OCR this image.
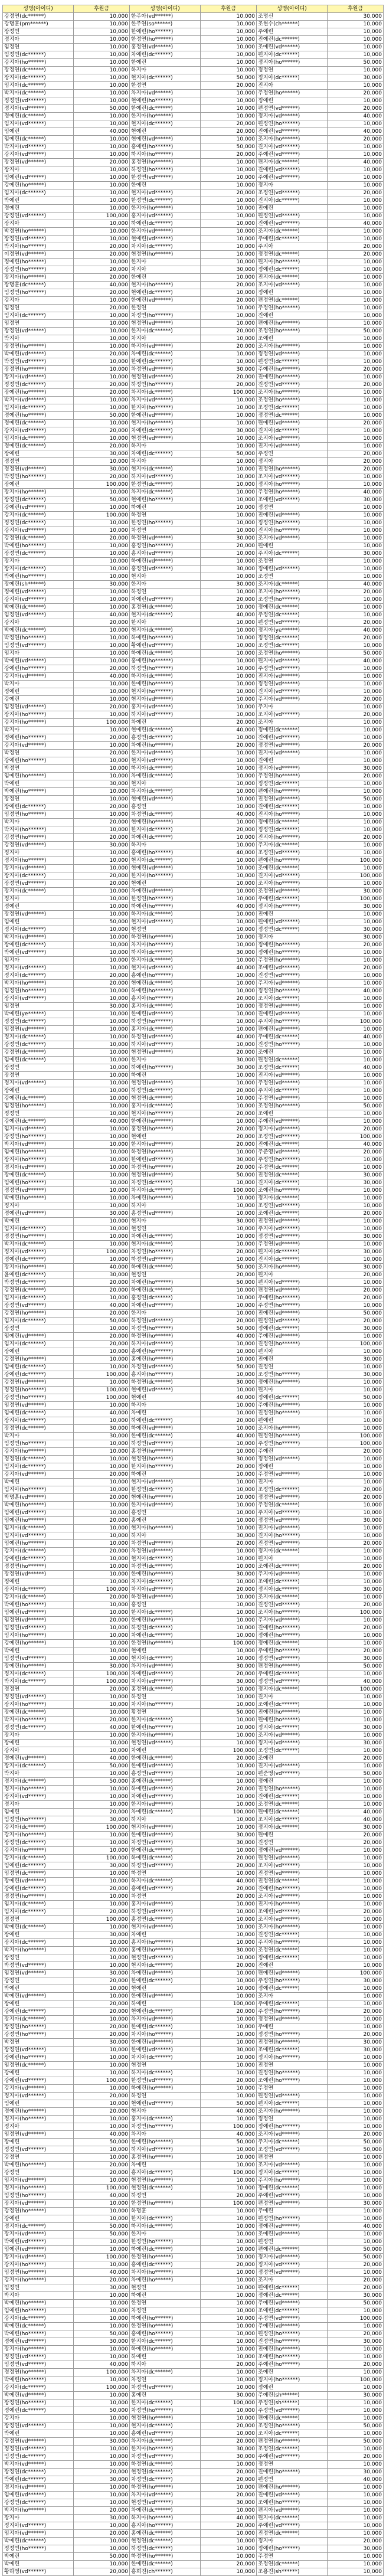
성명(아이디)	후원금	성명(아이디)	후원금	성명(아이디)	후원금
강정연(dc******)	10,000	한주아(vd******)	10,000	조명신	30,000
강명훈(pm******)	10,000	한주연(so******)	10,000	조현수(ch******)	10,000
장정연	10,000	한예린(ho******)	10,000	주예린	10,000
정지아	10,000	한정연(ho******)	10,000	진예린(dc******)	10,000
임정연	10,000	홍정연(vd******)	10,000	조예린(vd******)	10,000
임정연(dc******)	10,000	차예린(dc******)	10,000	편지아(dc******)	10,000
강지아(ho******)	10,000	한예린	10,000	정지아(ho******)	50,000
장정연(dc******)	10,000	하지아	10,000	정정연	10,000
장지아(dc******)	10,000	현지아(dc******)	50,000	정지아(dc******)	30,000
임지아(dc******)	10,000	한정연	20,000	진지아	10,000
박지아(dc******)	10,000	차지아(vd******)	10,000	주정연(ho******)	20,000
정정연(vd******)	10,000	현예린(ho******)	10,000	정예린	10,000
정지아(vd******)	50,000	한예린(dc******)	10,000	편정연(vd******)	20,000
정예린(dc******)	10,000	한지아(ho******)	10,000	정지아(vd******)	40,000
임지아(vd******)	10,000	현지아(dc******)	20,000	편정연(ho******)	10,000
임예린	40,000	현예린	20,000	진예린(vd******)	40,000
임예린(dc******)	10,000	현예린(vd******)	10,000	조지아(ho******)	20,000
박지아(vd******)	10,000	홍예린(ho******)	50,000	진지아(vd******)	10,000
강지아(vd******)	10,000	하지아(ho******)	20,000	주예린(vd******)	10,000
장정연(vd******)	20,000	홍정연(ho******)	10,000	편지아(dc******)	40,000
장지아	10,000	하정연(ho******)	10,000	진예린(vd******)	10,000
임예린(vd******)	10,000	한정연(vd******)	10,000	주예린(vd******)	10,000
강예린(ho******)	10,000	한예린	10,000	정지아	10,000
임지아(dc******)	10,000	현지아(vd******)	20,000	조정연(vd******)	20,000
박예린	10,000	한정연(dc******)	10,000	진지아(dc******)	10,000
정예린	10,000	한지아(ho******)	10,000	진예린	10,000
강정연(vd******)	100,000	홍지아(vd******)	10,000	편정연(vd******)	10,000
장지아	10,000	하예린(dc******)	10,000	진예린(vd******)	40,000
박정연(ho******)	10,000	한지아(vd******)	10,000	조지아(dc******)	10,000
장정연(vd******)	10,000	현예린(vd******)	10,000	주예린(dc******)	10,000
박지아(ho******)	20,000	차지아(dc******)	10,000	주지아	20,000
이정연(vd******)	20,000	현정연(ho******)	10,000	정정연(dc******)	20,000
정예린(ho******)	10,000	한지아	10,000	편지아(ho******)	10,000
장정연(ho******)	20,000	차지아	30,000	정예린(dc******)	10,000
장지아(ho******)	20,000	한예린	10,000	진지아(dc******)	10,000
장명훈(dc******)	40,000	현지아(ho******)	20,000	조지아(vd******)	10,000
임정연(ho******)	20,000	현예린(dc******)	10,000	정예린	10,000
강지아	10,000	한예린(vd******)	20,000	편정연(dc******)	10,000
임정연	20,000	한정연	10,000	주정연(ho******)	10,000
임지아(dc******)	10,000	차정연(ho******)	10,000	진예린	10,000
임정연	10,000	현정연(vd******)	10,000	편예린(ho******)	10,000
장정연(vd******)	10,000	한지아(dc******)	20,000	조정연(ho******)	50,000
박지아	10,000	차지아	10,000	조예린	10,000
장정연(ho******)	10,000	하지아(vd******)	20,000	조지아(ho******)	10,000
박예린(vd******)	20,000	차예린(dc******)	10,000	정정연(vd******)	10,000
박정연(vd******)	10,000	한예린(dc******)	10,000	편정연(dc******)	10,000
장정연(ho******)	10,000	차정연(vd******)	30,000	주예린(ho******)	20,000
장지아(vd******)	10,000	현정연(vd******)	20,000	진예린(ho******)	10,000
정정연(dc******)	20,000	하정연(ho******)	20,000	진정연(vd******)	20,000
장예린(ho******)	20,000	차지아(dc******)	100,000	조지아(ho******)	10,000
박지아(vd******)	10,000	차지아(vd******)	10,000	조정연(ho******)	10,000
임지아(dc******)	10,000	한지아(ho******)	10,000	조정연(dc******)	10,000
정예린(ho******)	50,000	한예린(vd******)	10,000	정정연(dc******)	10,000
정예린(dc******)	10,000	현지아(ho******)	10,000	편예린(vd******)	20,000
강지아(vd******)	20,000	차예린(dc******)	30,000	진지아(dc******)	10,000
임지아(dc******)	10,000	현정연(vd******)	10,000	조지아(vd******)	10,000
정예린(dc******)	20,000	하지아	10,000	진지아(vd******)	10,000
장예린	30,000	차예린(dc******)	50,000	주정연	20,000
정정연	10,000	차지아	10,000	정지아	20,000
정정연(vd******)	30,000	현지아(dc******)	10,000	진정연(ho******)	20,000
박정연(ho******)	20,000	하지아(vd******)	10,000	조지아(vd******)	10,000
장예린	100,000	한정연(dc******)	10,000	정지아(ho******)	10,000
장지아(ho******)	10,000	차지아(dc******)	10,000	주정연(ho******)	40,000
장정연(dc******)	50,000	현예린(ho******)	10,000	조예린(vd******)	30,000
강예린(vd******)	10,000	하예린	10,000	정정연	10,000
강지아(dc******)	100,000	하정연	10,000	진예린(vd******)	10,000
정정연(dc******)	10,000	한정연(ho******)	10,000	정정연(ho******)	10,000
강지아(vd******)	10,000	차정연	10,000	진지아(ho******)	10,000
강정연(dc******)	20,000	하정연(vd******)	30,000	조지아(vd******)	10,000
박예린(ho******)	10,000	홍정연(ho******)	20,000	편예린	10,000
장정연(dc******)	10,000	홍지아(vd******)	10,000	주지아(dc******)	30,000
장지아	10,000	하예린(vd******)	10,000	조정연	10,000
장지아(dc******)	10,000	홍정연(vd******)	30,000	정예린(vd******)	10,000
박예린(ho******)	10,000	현지아	10,000	조정연	10,000
장예린(sh******)	30,000	한지아	30,000	조지아(dc******)	40,000
정예린(vd******)	10,000	하정연	10,000	조지아(ho******)	20,000
강지아(vd******)	10,000	차예린(vd******)	20,000	조정연(ho******)	10,000
박예린(dc******)	10,000	홍정연(dc******)	10,000	정예린(dc******)	10,000
임정연(vd******)	40,000	현지아(dc******)	40,000	주정연(dc******)	10,000
강지아	20,000	한지아	10,000	편정연(vd******)	20,000
박예린(dc******)	10,000	현지아(dc******)	10,000	정지아(ye******)	40,000
박정연(ho******)	10,000	하예린(ho******)	10,000	정정연(dc******)	20,000
임정연(vd******)	10,000	황예린(vd******)	10,000	조정연(dc******)	10,000
임지아	10,000	하예린(dc******)	10,000	조정연(ho******)	50,000
박예린(vd******)	10,000	홍예린(ho******)	10,000	편지아(vd******)	40,000
강예린(ho******)	20,000	하정연(ho******)	10,000	주정연(vd******)	10,000
강지아(vd******)	40,000	하지아(dc******)	10,000	진지아(vd******)	10,000
박지아	10,000	한예린(ho******)	10,000	정정연(vd******)	10,000
정예린	10,000	현지아(ho******)	10,000	진지아(vd******)	10,000
강예린	10,000	현지아(vd******)	10,000	주지아(vd******)	20,000
임정연(vd******)	20,000	홍지아(vd******)	10,000	주지아	10,000
장지아(ho******)	10,000	하지아(vd******)	10,000	조지아(vd******)	20,000
강지아(ho******)	100,000	차예린	20,000	조지아	10,000
박지아	10,000	현예린(dc******)	40,000	정예린(dc******)	10,000
정예린(ho******)	20,000	홍정연(dc******)	10,000	진예린(vd******)	10,000
강지아(vd******)	10,000	차예린(ho******)	20,000	정정연(vd******)	20,000
박정연	20,000	한지아(vd******)	10,000	진지아(vd******)	10,000
강예린(ho******)	10,000	현지아(vd******)	10,000	진예린	10,000
박정연	10,000	하지아(dc******)	10,000	정지아(vd******)	30,000
임예린(ho******)	10,000	차예린(dc******)	10,000	주정연(ho******)	20,000
박예린	30,000	현지아	10,000	정정연(dc******)	10,000
박예린(ho******)	10,000	차지아(dc******)	10,000	편예린(ho******)	10,000
장정연	10,000	현예린(vd******)	10,000	진정연(vd******)	50,000
장예린(dc******)	20,000	홍정연	10,000	진예린(dc******)	10,000
임정연(ho******)	10,000	차정연(dc******)	40,000	진지아(ho******)	10,000
박지아	20,000	현예린(ho******)	10,000	정예린(dc******)	10,000
박지아(ho******)	10,000	한지아(dc******)	20,000	정정연(dc******)	10,000
김정연(ho******)	20,000	차예린(dc******)	10,000	진지아(ho******)	20,000
강정연(vd******)	30,000	하지아	10,000	주지아(dc******)	10,000
정지아	10,000	홍예린(ho******)	40,000	조정연(vd******)	10,000
정지아(ho******)	10,000	현지아(dc******)	10,000	편예린(ho******)	100,000
장지아(vd******)	10,000	현예린(vd******)	10,000	조예린(dc******)	10,000
장지아(dc******)	20,000	한지아(ho******)	10,000	진지아(vd******)	100,000
장정연(vd******)	20,000	현예린	10,000	조지아(ho******)	10,000
장지아(dc******)	10,000	차예린(vd******)	10,000	조정연(vd******)	30,000
정지아	10,000	한정연(ho******)	10,000	주예린(dc******)	100,000
정예린	10,000	하예린(ho******)	40,000	정지아(ho******)	30,000
장정연(vd******)	10,000	하지아(dc******)	10,000	진예린	10,000
임예린	50,000	현지아(vd******)	10,000	편예린(vd******)	10,000
정지아(dc******)	10,000	현정연	10,000	정정연(dc******)	30,000
박지아(vd******)	10,000	하정연(ho******)	10,000	정지아	30,000
장예린(dc******)	10,000	차지아(ho******)	10,000	정예린(ho******)	20,000
박예린(vd******)	10,000	하지아(dc******)	30,000	정예린(ho******)	10,000
임지아	10,000	한지아(dc******)	10,000	주정연(ho******)	10,000
정지아(vd******)	10,000	현지아(vd******)	40,000	조예린(vd******)	20,000
정지아(dc******)	20,000	홍예린(ho******)	10,000	진정연(vd******)	10,000
박지아(ho******)	20,000	현예린(dc******)	10,000	주지아(vd******)	10,000
임정연(ho******)	10,000	하예린(ho******)	10,000	정정연(ho******)	40,000
장지아(vd******)	10,000	홍지아(ho******)	20,000	조지아(dc******)	10,000
임정연	30,000	홍지아(dc******)	10,000	정정연(vd******)	10,000
박예린(ye******)	10,000	한예린(vd******)	10,000	진예린(vd******)	10,000
정정연(dc******)	10,000	하정연(ho******)	10,000	주지아(ho******)	100,000
임정연(vd******)	10,000	홍지아(dc******)	10,000	편예린(vd******)	10,000
정지아(dc******)	10,000	하정연(vd******)	40,000	주예린(dc******)	40,000
강정연(dc******)	10,000	하지아(vd******)	10,000	진정연(ho******)	10,000
강정연(dc******)	10,000	현정연(vd******)	20,000	조예린	10,000
임예린(dc******)	10,000	한지아	30,000	편정연(dc******)	10,000
장정연	10,000	하예린(ho******)	30,000	조정연(dc******)	40,000
장정연	10,000	하예린	10,000	진지아(vd******)	10,000
정지아(vd******)	10,000	현정연(vd******)	10,000	주정연(vd******)	10,000
장예린	10,000	하정연(dc******)	20,000	주지아(dc******)	10,000
강예린(dc******)	10,000	현정연(dc******)	10,000	주정연(vd******)	10,000
임정연(ho******)	10,000	홍지아(dc******)	10,000	조정연(ho******)	50,000
정정연	10,000	현지아(ho******)	20,000	조예린	10,000
강예린(dc******)	40,000	한예린(ho******)	10,000	주예린(vd******)	10,000
임지아(vd******)	10,000	홍정연(ho******)	20,000	정지아(vd******)	20,000
강정연(ho******)	10,000	현예린	20,000	조정연(vd******)	100,000
박지아(vd******)	10,000	한지아(vd******)	20,000	진예린(dc******)	40,000
임예린(ho******)	10,000	하정연(ho******)	10,000	주준영(vd******)	20,000
장지아(ho******)	10,000	한예린(vd******)	30,000	주정연(ho******)	10,000
정지아(vd******)	10,000	차정연(ho******)	20,000	주정연(dc******)	10,000
장예린(dc******)	10,000	현정연(vd******)	50,000	진정연(dc******)	30,000
임예린(ho******)	10,000	차정연(dc******)	10,000	진지아(dc******)	30,000
정정연(vd******)	10,000	차지아(dc******)	100,000	조예린(ho******)	10,000
박예린(ho******)	10,000	차예린(ho******)	10,000	정지아(dc******)	10,000
정지아	10,000	하지아	10,000	조정연(vd******)	10,000
정예린(vd******)	30,000	홍정연(vd******)	10,000	조예린(dc******)	20,000
박예린	10,000	현지아	30,000	진정연(vd******)	10,000
임지아(dc******)	10,000	현정연	10,000	주지아(vd******)	10,000
정정연(ho******)	10,000	차예린(dc******)	10,000	정정연(vd******)	30,000
박지아(dc******)	10,000	현지아(dc******)	10,000	주정연(vd******)	10,000
정지아(vd******)	100,000	차정연(ho******)	20,000	편지아(dc******)	30,000
정예린(dc******)	10,000	하정연(vd******)	10,000	진지아(dc******)	10,000
장지아(ho******)	40,000	하예린(dc******)	50,000	조지아(ho******)	30,000
윤예린(dc******)	30,000	현정연	20,000	편지아	20,000
박정연(dc******)	20,000	차예린(ho******)	50,000	편지아(vd******)	10,000
강정연(dc******)	20,000	하예린(dc******)	10,000	편정연(vd******)	20,000
임지아(dc******)	10,000	홍정연(dc******)	10,000	주예린(ho******)	20,000
장정연(vd******)	40,000	차예린(vd******)	10,000	주정연(ho******)	10,000
강정연(ho******)	20,000	한지아	10,000	진예린(vd******)	50,000
임지아(dc******)	50,000	하정연(vd******)	20,000	편정연(vd******)	20,000
장정연	10,000	차정연(ho******)	50,000	정예린(dc******)	30,000
임예린(vd******)	20,000	하정연(ho******)	40,000	주예린(vd******)	10,000
임지아(dc******)	20,000	하지아(vd******)	10,000	진정연(ho******)	100,000
장예린	10,000	홍예린(ho******)	10,000	편지아	10,000
강정연(ho******)	10,000	홍예린(ho******)	10,000	진예린	30,000
임예린(dc******)	10,000	차정연(vd******)	50,000	진정연	10,000
강예린(dc******)	100,000	홍지아(ho******)	10,000	조정연(ho******)	30,000
강정연(vd******)	10,000	하정연(dc******)	30,000	정예린(ho******)	10,000
정정연(ho******)	100,000	현예린(vd******)	10,000	편지아	10,000
강정연(ho******)	100,000	현예린	40,000	정예린(dc******)	50,000
임정연(vd******)	10,000	하지아	10,000	주예린(ho******)	10,000
임예린(dc******)	40,000	차예린	10,000	진정연(ho******)	10,000
장지아(dc******)	10,000	하예린(dc******)	20,000	편예린	10,000
장정연(dc******)	30,000	하예린(vd******)	10,000	조지아(ho******)	10,000
박지아	30,000	한예린(dc******)	40,000	편정연(ho******)	100,000
임정연(ho******)	10,000	하정연(vd******)	10,000	주정연(ho******)	100,000
강지아(ho******)	10,000	홍정연(ho******)	10,000	주예린	20,000
정정연(dc******)	10,000	현정연(ho******)	30,000	정정연(vd******)	10,000
임지아(dc******)	10,000	한지아(ho******)	20,000	정예린	10,000
강지아(vd******)	20,000	하예린	10,000	주정연(vd******)	10,000
박예린	10,000	현지아(vd******)	10,000	진지아	10,000
임지아(ho******)	10,000	한정연(dc******)	10,000	조정연(dc******)	20,000
박명훈(vd******)	20,000	현예린(ho******)	10,000	정정연(vd******)	20,000
박예린(ho******)	10,000	한지아(vd******)	10,000	주정연(dc******)	10,000
임예린(vd******)	10,000	홍정연	10,000	주지아(vd******)	10,000
임예린(ho******)	20,000	홍예린	10,000	정정연(vd******)	30,000
임지아(dc******)	10,000	현지아(ho******)	10,000	진지아(vd******)	10,000
임지아(vd******)	10,000	하지아	30,000	진지아(ho******)	10,000
임예린(ho******)	10,000	차정연(vd******)	20,000	진정연(vd******)	20,000
강지아(dc******)	20,000	차정연(vd******)	10,000	정지아(dc******)	10,000
강예린(dc******)	10,000	현지아(dc******)	10,000	편지아	10,000
정정연(ho******)	10,000	차정연(dc******)	10,000	조예린(dc******)	20,000
장정연(vd******)	10,000	한예린(ho******)	30,000	주지아(vd******)	10,000
정예린	10,000	차지아(dc******)	10,000	조예린(dc******)	10,000
장지아(dc******)	100,000	차지아(vd******)	20,000	정지아(dc******)	30,000
강지아(dc******)	20,000	하정연(vd******)	10,000	조지아(dc******)	10,000
박예린(ho******)	10,000	홍정연	10,000	진정연(vd******)	20,000
임예린(vd******)	10,000	한지아(dc******)	10,000	조지아(ho******)	100,000
임정연(vd******)	20,000	한예린(ho******)	10,000	주지아(vd******)	10,000
임정연(vd******)	10,000	하정연(dc******)	10,000	진예린(ho******)	20,000
임지아(ho******)	10,000	차예린(dc******)	10,000	정예린(ho******)	10,000
강예린(ho******)	10,000	한정연(ho******)	100,000	정예린(dc******)	10,000
박예린	10,000	현예린	10,000	주예린(ho******)	20,000
임정연(vd******)	10,000	현지아(dc******)	10,000	정정연(vd******)	30,000
장예린(ho******)	30,000	차지아(vd******)	30,000	편정연(ho******)	50,000
정지아(dc******)	100,000	차예린(vd******)	20,000	주예린(dc******)	10,000
박지아(dc******)	100,000	차지아(vd******)	30,000	정정연(vd******)	40,000
정정연	20,000	홍정연(dc******)	10,000	정지아(dc******)	100,000
정정연(vd******)	10,000	하정연	10,000	진지아	10,000
장지아(ho******)	10,000	차지아(ho******)	10,000	조예린(dc******)	10,000
장예린(dc******)	10,000	황정연	50,000	진예린(ho******)	10,000
박지아(ho******)	20,000	한지아(dc******)	10,000	편예린(ho******)	10,000
정정연(dc******)	40,000	한예린(ho******)	10,000	정지아(dc******)	30,000
장지아	10,000	한지아(ho******)	10,000	조지아(vd******)	10,000
장예린	10,000	현정연(vd******)	10,000	정지아(vd******)	30,000
강지아	10,000	차예린	100,000	조정연(dc******)	10,000
정예린(vd******)	40,000	한예린(dc******)	20,000	조예린	20,000
장지아(dc******)	50,000	한예린(vd******)	10,000	진지아(vd******)	10,000
박지아	10,000	홍정연(vd******)	10,000	편준영(vd******)	50,000
정지아(dc******)	50,000	홍예린(dc******)	10,000	정예린	10,000
정지아(ho******)	10,000	하예린(vd******)	20,000	진정연(ho******)	10,000
장지아(vd******)	10,000	차예린(vd******)	10,000	진예린(dc******)	10,000
정지아	10,000	한지아(vd******)	10,000	조정연(dc******)	10,000
임예린	20,000	차예린(dc******)	100,000	편예린(dc******)	40,000
임정연(ho******)	30,000	하지아	10,000	조지아(dc******)	40,000
강지아(dc******)	100,000	현지아(vd******)	10,000	정지아(dc******)	30,000
강지아(ho******)	10,000	한예린(vd******)	30,000	편예린	20,000
장정연(dc******)	10,000	차정연(vd******)	30,000	진정연	20,000
강지아(ho******)	10,000	한예린(dc******)	10,000	정예린(vd******)	10,000
강지아(dc******)	100,000	하예린(dc******)	20,000	편정연(vd******)	10,000
임예린(dc******)	30,000	하정연(vd******)	20,000	조지아(vd******)	10,000
임정연(dc******)	10,000	하정연	10,000	진정연(vd******)	10,000
장예린(vd******)	10,000	하지아(dc******)	40,000	진정연(dc******)	10,000
강예린(dc******)	20,000	홍예린(vd******)	20,000	진예린(ho******)	10,000
정정연(ho******)	10,000	차정연	20,000	조지아(vd******)	10,000
임지아(dc******)	10,000	홍지아(vd******)	10,000	진지아(ho******)	10,000
임지아(dc******)	20,000	하정연(vd******)	10,000	조예린(vd******)	20,000
정정연	100,000	홍정연(dc******)	10,000	조지아(vd******)	10,000
박예린(dc******)	10,000	현지아(vd******)	10,000	조지아(ho******)	10,000
장예린	30,000	차예린	10,000	진정연(dc******)	10,000
장지아(dc******)	10,000	홍지아(ho******)	10,000	주지아(ho******)	10,000
박지아(ho******)	20,000	홍예린(ho******)	30,000	조정연(dc******)	10,000
장정연	10,000	현정연(vd******)	10,000	정예린(dc******)	10,000
박정연(vd******)	10,000	현지아(dc******)	20,000	진예린	10,000
임정연(vd******)	30,000	차예린(vd******)	10,000	편예린(vd******)	100,000
강정연	20,000	한예린(dc******)	10,000	주정연(ho******)	30,000
박예린	10,000	현예린	10,000	정예린(dc******)	10,000
박예린(vd******)	10,000	한예린(vd******)	10,000	조지아	10,000
장예린	20,000	하예린	100,000	주예린(dc******)	10,000
강예린(dc******)	20,000	현예린(dc******)	20,000	주정연(ho******)	20,000
장지아(dc******)	10,000	차지아(vd******)	10,000	정정연(vd******)	10,000
장정연(ho******)	20,000	한예린(dc******)	10,000	주예린	10,000
강정연(ho******)	20,000	차지아(ho******)	10,000	정정연(ho******)	20,000
박정연	30,000	한예린(vd******)	10,000	진정연(ho******)	30,000
장정연(vd******)	10,000	한예린(vd******)	30,000	조예린(dc******)	30,000
장예린(ho******)	10,000	차지아(dc******)	10,000	정지아(ho******)	10,000
임정연(dc******)	10,000	현정연	10,000	진정연	10,000
강예린	10,000	하지아(dc******)	10,000	진정연(ho******)	10,000
강예린(vd******)	100,000	한정연(vd******)	20,000	조예린(ho******)	10,000
강지아(vd******)	10,000	하예린(ho******)	10,000	주정연	10,000
정지아(vd******)	20,000	하정연	10,000	편정연(vd******)	10,000
임예린	10,000	현예린(vd******)	50,000	편지아(dc******)	10,000
정예린(ho******)	20,000	현지아	40,000	조지아(ho******)	10,000
정지아(ho******)	10,000	홍지아(dc******)	10,000	정정연	10,000
정지아	10,000	차정연(ho******)	100,000	정예린(ho******)	10,000
임정연(vd******)	40,000	차지아	40,000	조지아(vd******)	20,000
장예린	50,000	한예린(ho******)	50,000	주지아(dc******)	50,000
정정연(vd******)	10,000	하지아(vd******)	10,000	조정연(vd******)	50,000
강정연	10,000	홍정연(ho******)	10,000	편정연	10,000
박예린(ho******)	20,000	차예린	10,000	조지아(vd******)	10,000
강정연	20,000	홍지아(dc******)	100,000	정지아(dc******)	10,000
임지아(vd******)	10,000	현정연(ho******)	10,000	주지아(ho******)	10,000
정지아(ho******)	100,000	현정연(dc******)	10,000	정예린(dc******)	10,000
임정연(ho******)	40,000	하정연	20,000	주예린(vd******)	10,000
장지아(vd******)	10,000	한정연(ho******)	100,000	편정연(vd******)	30,000
강정연(ho******)	10,000	하명훈	10,000	주예린	10,000
강예린	10,000	한지아(dc******)	10,000	편정연(ho******)	10,000
정지아(dc******)	50,000	하지아(dc******)	10,000	정예린(vd******)	40,000
장지아(vd******)	50,000	한지아	10,000	조예린(vd******)	10,000
박예린(vd******)	10,000	한정연(ho******)	10,000	편정연	10,000
임예린(vd******)	10,000	하예린(dc******)	10,000	편예린(dc******)	50,000
장지아(vd******)	100,000	한정연(ho******)	10,000	정지아(vd******)	50,000
강지아(ho******)	10,000	홍예린(dc******)	20,000	정지아(vd******)	20,000
임정연(ho******)	40,000	차지아(ho******)	10,000	정정연(vd******)	10,000
강지아(ho******)	20,000	차예린(ho******)	10,000	조지아	20,000
임정연	30,000	현정연	10,000	편예린(dc******)	20,000
박지아	10,000	하예린	10,000	정예린(dc******)	30,000
박예린(ho******)	10,000	한정연	10,000	주예린(vd******)	50,000
임예린(ho******)	10,000	차정연	10,000	조예린(dc******)	10,000
강지아(dc******)	10,000	하예린(ho******)	10,000	주정연(vd******)	100,000
박예린(dc******)	10,000	한정연(ho******)	10,000	주예린(vd******)	10,000
박예린(ho******)	50,000	홍예린(ho******)	10,000	편정연(ho******)	20,000
정예린(vd******)	30,000	한지아(dc******)	10,000	진정연(ho******)	30,000
장지아(ho******)	10,000	하예린(ho******)	10,000	진예린(ho******)	10,000
정정연(vd******)	10,000	하예린	10,000	조예린(ho******)	10,000
임정연(vd******)	40,000	하지아	20,000	주예린(ho******)	20,000
정정연(ho******)	100,000	차지아(dc******)	10,000	조예린	10,000
박예린(ho******)	10,000	차정연	10,000	정지아(ho******)	100,000
강지아(dc******)	100,000	차정연(vd******)	10,000	정예린	10,000
박예린(vd******)	10,000	홍예린	30,000	주예린(sh******)	30,000
장정연(ho******)	10,000	한지아(dc******)	100,000	주정연(sh******)	10,000
정예린(dc******)	50,000	차정연(ho******)	10,000	주정연(vd******)	10,000
강지아	10,000	현정연(ho******)	10,000	편예린(dc******)	10,000
장정연(vd******)	10,000	현지아(dc******)	20,000	조정연(ho******)	50,000
박예린	10,000	홍예린(vd******)	10,000	조지아(dc******)	10,000
강정연(vd******)	30,000	차지아(dc******)	20,000	편정연(ho******)	50,000
정정연(vd******)	10,000	한지아(ho******)	30,000	조정연(dc******)	10,000
임정연(dc******)	10,000	차정연(vd******)	30,000	주예린(vd******)	20,000
박지아(vd******)	10,000	하정연(dc******)	10,000	정정연	10,000
장정연(dc******)	20,000	현정연(dc******)	20,000	진예린(ho******)	30,000
박예린(dc******)	30,000	차정연(dc******)	20,000	편정연	40,000
정지아(vd******)	10,000	하정연(ho******)	10,000	편예린(ho******)	10,000
임예린(vd******)	10,000	차지아(vd******)	20,000	진예린(vd******)	10,000
강정연(dc******)	10,000	현정연(vd******)	30,000	조예린(ho******)	10,000
박지아(ho******)	20,000	차예린(dc******)	10,000	편지아(vd******)	10,000
장지아	30,000	하지아(ho******)	40,000	편지아(dc******)	10,000
정지아(vd******)	10,000	홍지아(ho******)	20,000	주예린(vd******)	10,000
임지아(vd******)	20,000	홍예린(dc******)	10,000	진정연(dc******)	10,000
박예린(dc******)	10,000	현정연(dc******)	10,000	정지아	20,000
정정연(ho******)	10,000	하정연(dc******)	10,000	정예린(ho******)	30,000
박예린	50,000	하정연(ho******)	10,000	주정연	10,000
박예린	10,000	한예린(dc******)	20,000	조정연(dc******)	10,000
황하영(vd******)	20,000	홍희진(ch******)	10,000	조용진(sh******)	10,000
